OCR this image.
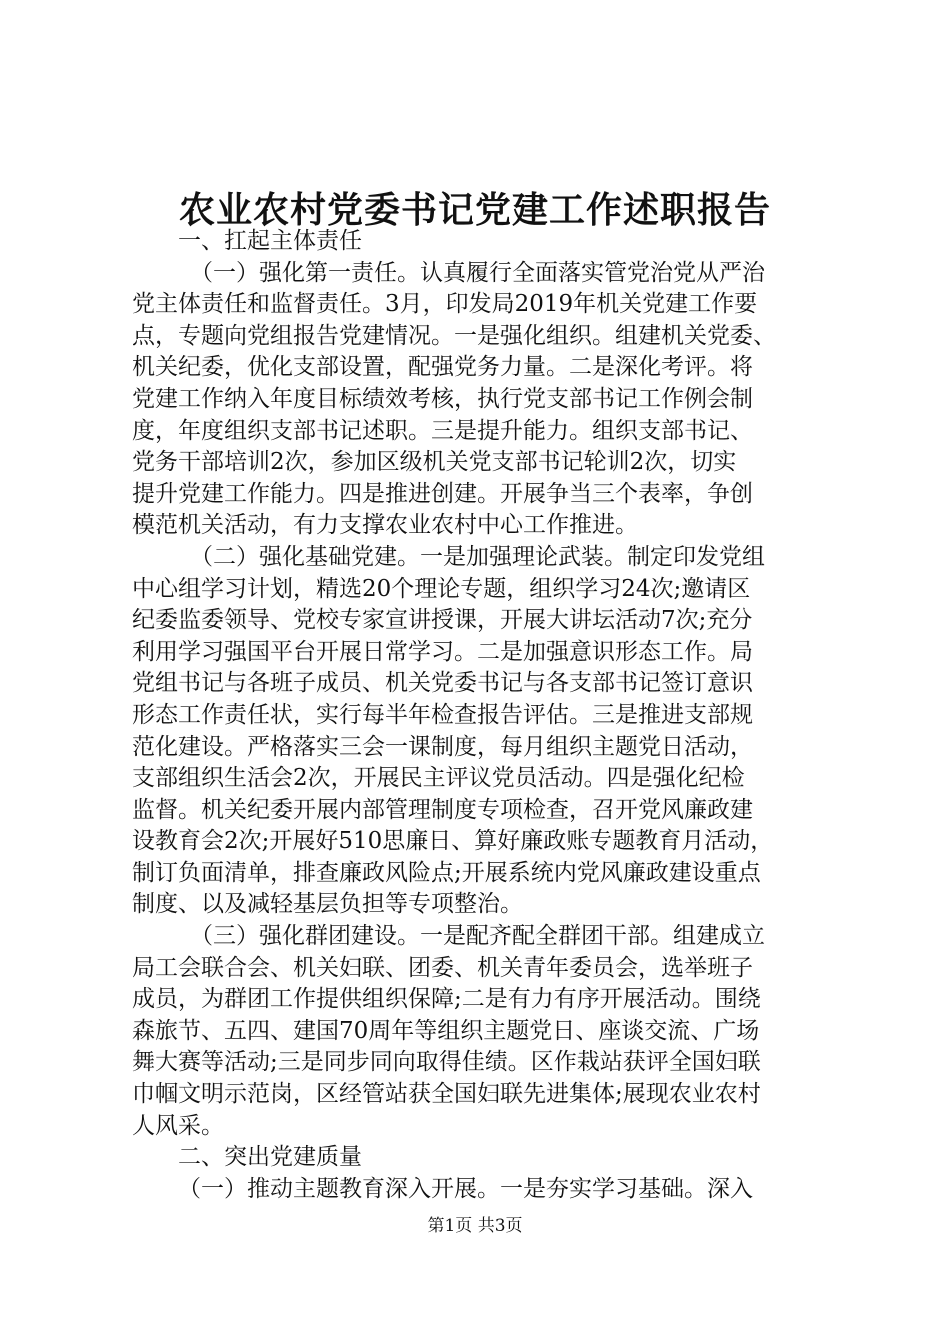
农业农村党委书记党建工作述职报告
一、扛起主体责任
（一）强化第一责任。认真履行全面落实管党治党从严治
党主体责任和监督责任。3月，印发局2019年机关党建工作要
点，专题向党组报告党建情况。一是强化组织。组建机关党委、
机关纪委，优化支部设置，配强党务力量。二是深化考评。将
党建工作纳入年度目标绩效考核，执行党支部书记工作例会制
度，年度组织支部书记述职。三是提升能力。组织支部书记、
党务干部培训2次，参加区级机关党支部书记轮训2次，切实
提升党建工作能力。四是推进创建。开展争当三个表率，争创
模范机关活动，有力支撑农业农村中心工作推进。
（二）强化基础党建。一是加强理论武装。制定印发党组
中心组学习计划，精选20个理论专题，组织学习24次;邀请区
纪委监委领导、党校专家宣讲授课，开展大讲坛活动7次;充分
利用学习强国平台开展日常学习。二是加强意识形态工作。局
党组书记与各班子成员、机关党委书记与各支部书记签订意识
形态工作责任状，实行每半年检查报告评估。三是推进支部规
范化建设。严格落实三会一课制度，每月组织主题党日活动，
支部组织生活会2次，开展民主评议党员活动。四是强化纪检
监督。机关纪委开展内部管理制度专项检查，召开党风廉政建
设教育会2次;开展好510思廉日、算好廉政账专题教育月活动，
制订负面清单，排查廉政风险点;开展系统内党风廉政建设重点
制度、以及减轻基层负担等专项整治。
（三）强化群团建设。一是配齐配全群团干部。组建成立
局工会联合会、机关妇联、团委、机关青年委员会，选举班子
成员，为群团工作提供组织保障;二是有力有序开展活动。围绕
森旅节、五四、建国70周年等组织主题党日、座谈交流、广场
舞大赛等活动;三是同步同向取得佳绩。区作栽站获评全国妇联
巾帼文明示范岗，区经管站获全国妇联先进集体;展现农业农村
人风采。
二、突出党建质量
（一）推动主题教育深入开展。一是夯实学习基础。深入
第1页 共3页
